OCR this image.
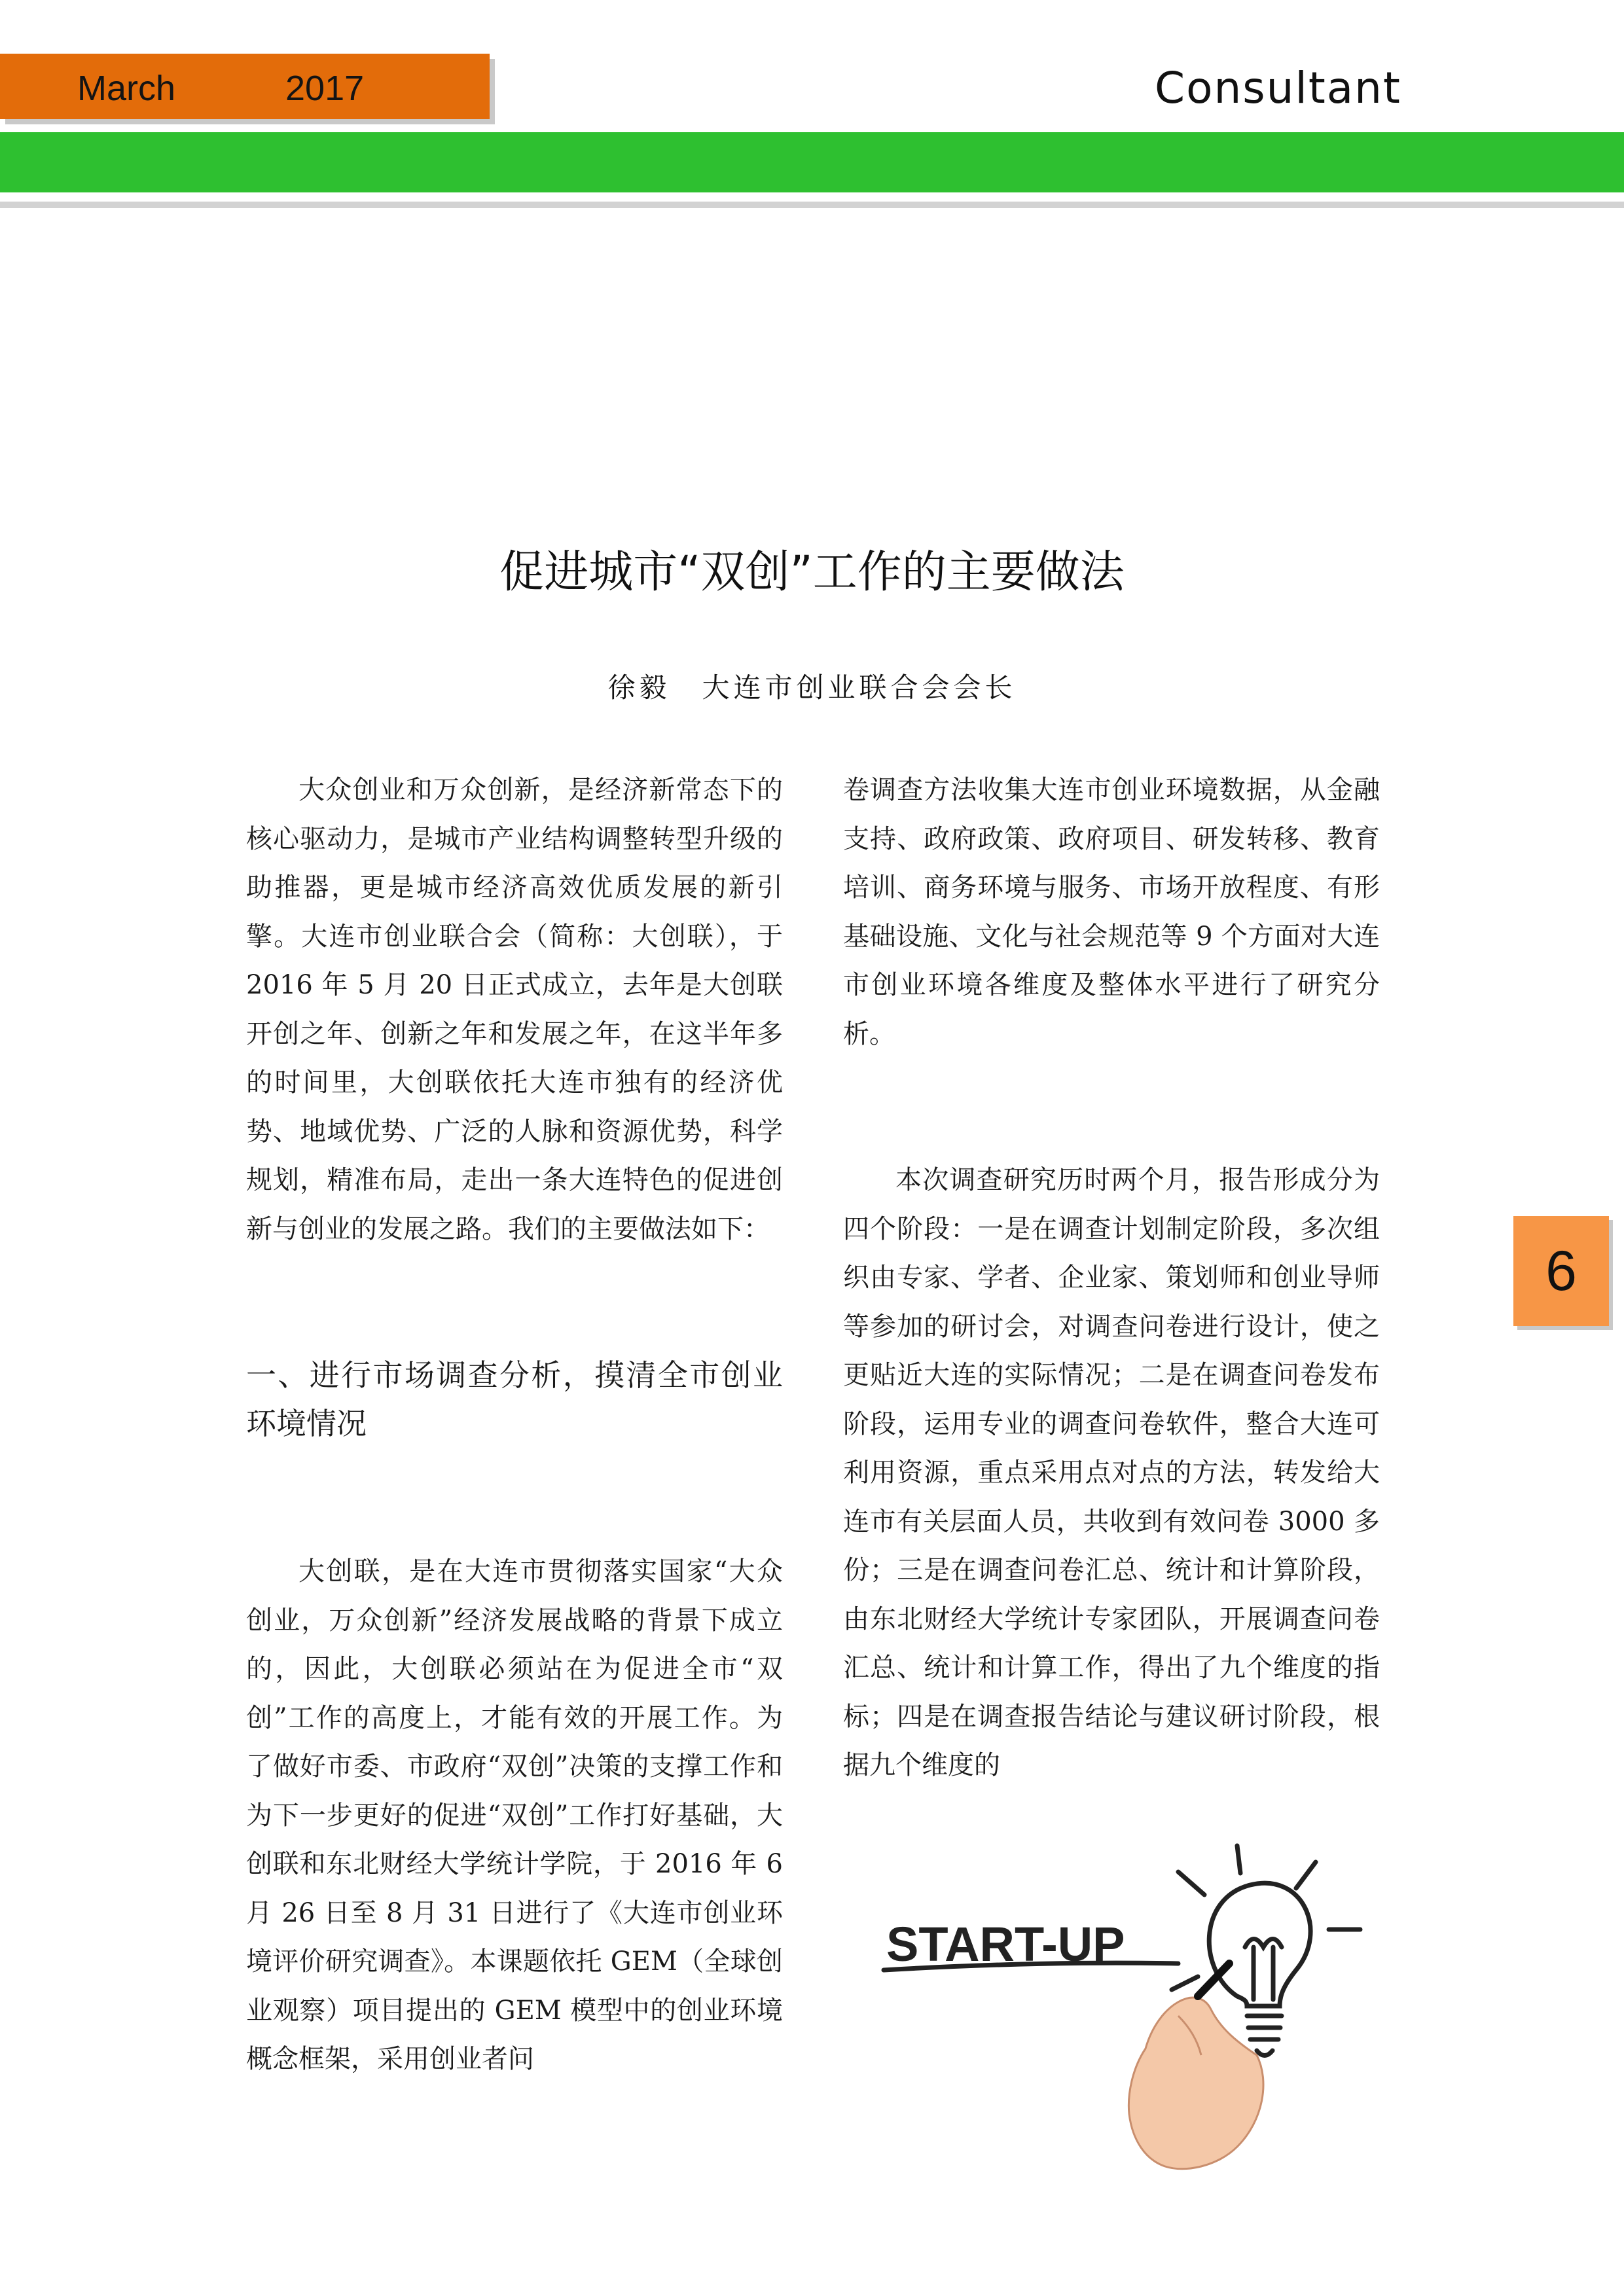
March	2017	Consultant
促进城市“双创”工作的主要做法
徐毅　大连市创业联合会会长

大众创业和万众创新，是经济新常态下的核心驱动力，是城市产业结构调整转型升级的助推器，更是城市经济高效优质发展的新引擎。大连市创业联合会（简称：大创联），于 2016 年 5 月 20 日正式成立，去年是大创联开创之年、创新之年和发展之年，在这半年多的时间里，大创联依托大连市独有的经济优势、地域优势、广泛的人脉和资源优势，科学规划，精准布局，走出一条大连特色的促进创新与创业的发展之路。我们的主要做法如下：

一、进行市场调查分析，摸清全市创业环境情况

大创联，是在大连市贯彻落实国家“大众创业，万众创新”经济发展战略的背景下成立的，因此，大创联必须站在为促进全市“双创”工作的高度上，才能有效的开展工作。为了做好市委、市政府“双创”决策的支撑工作和为下一步更好的促进“双创”工作打好基础，大创联和东北财经大学统计学院，于 2016 年 6 月 26 日至 8 月 31 日进行了《大连市创业环境评价研究调查》。本课题依托 GEM（全球创业观察）项目提出的 GEM 模型中的创业环境概念框架，采用创业者问

卷调查方法收集大连市创业环境数据，从金融支持、政府政策、政府项目、研发转移、教育培训、商务环境与服务、市场开放程度、有形基础设施、文化与社会规范等 9 个方面对大连市创业环境各维度及整体水平进行了研究分析。

本次调查研究历时两个月，报告形成分为四个阶段：一是在调查计划制定阶段，多次组织由专家、学者、企业家、策划师和创业导师等参加的研讨会，对调查问卷进行设计，使之更贴近大连的实际情况；二是在调查问卷发布阶段，运用专业的调查问卷软件，整合大连可利用资源，重点采用点对点的方法，转发给大连市有关层面人员，共收到有效问卷 3000 多份；三是在调查问卷汇总、统计和计算阶段，由东北财经大学统计专家团队，开展调查问卷汇总、统计和计算工作，得出了九个维度的指标；四是在调查报告结论与建议研讨阶段，根据九个维度的

6
START-UP
